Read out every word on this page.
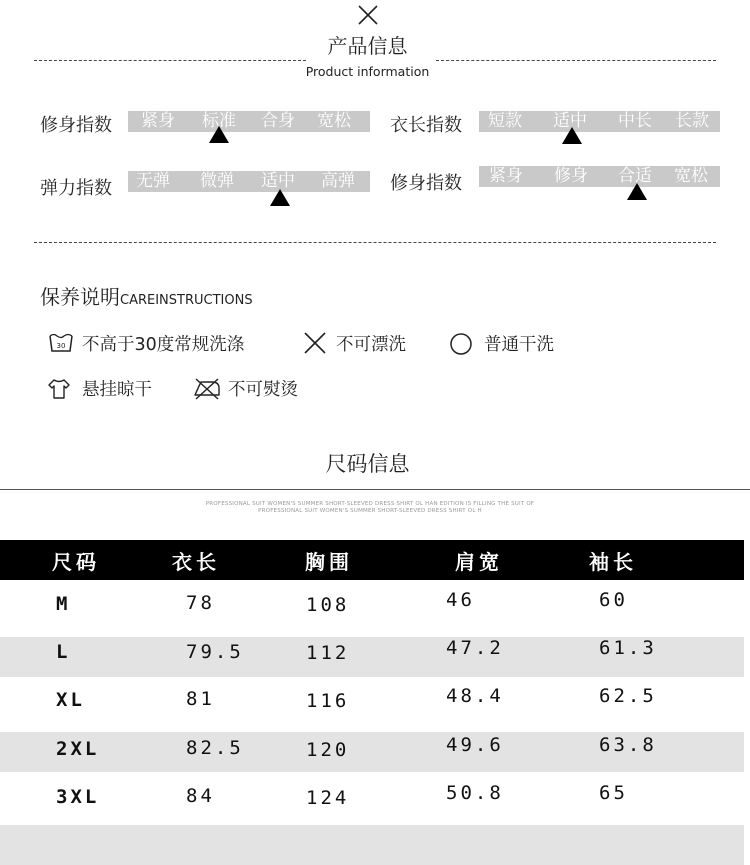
产品信息
Product information
修身指数 紧身 标准 合身 宽松 衣长指数 短款 适中 中长 长款
弹力指数 无弹 微弹 适中 高弹 修身指数 紧身 修身 合适 宽松
保养说明CAREINSTRUCTIONS
30 不高于30度常规洗涤	不可漂洗	普通干洗
悬挂晾干	不可熨烫
尺码信息
PROFESSIONAL SUIT WOMEN'S SUMMER SHORT-SLEEVED DRESS SHIRT OL HAN EDITION IS FILLING THE SUIT OF
PROFESSIONAL SUIT WOMEN'S SUMMER SHORT-SLEEVED DRESS SHIRT OL H
尺码	衣长	胸围	肩宽	袖长
M	78	108	46	60
L	79.5	112	47.2	61.3
XL	81	116	48.4	62.5
2XL	82.5	120	49.6	63.8
3XL	84	124	50.8	65
